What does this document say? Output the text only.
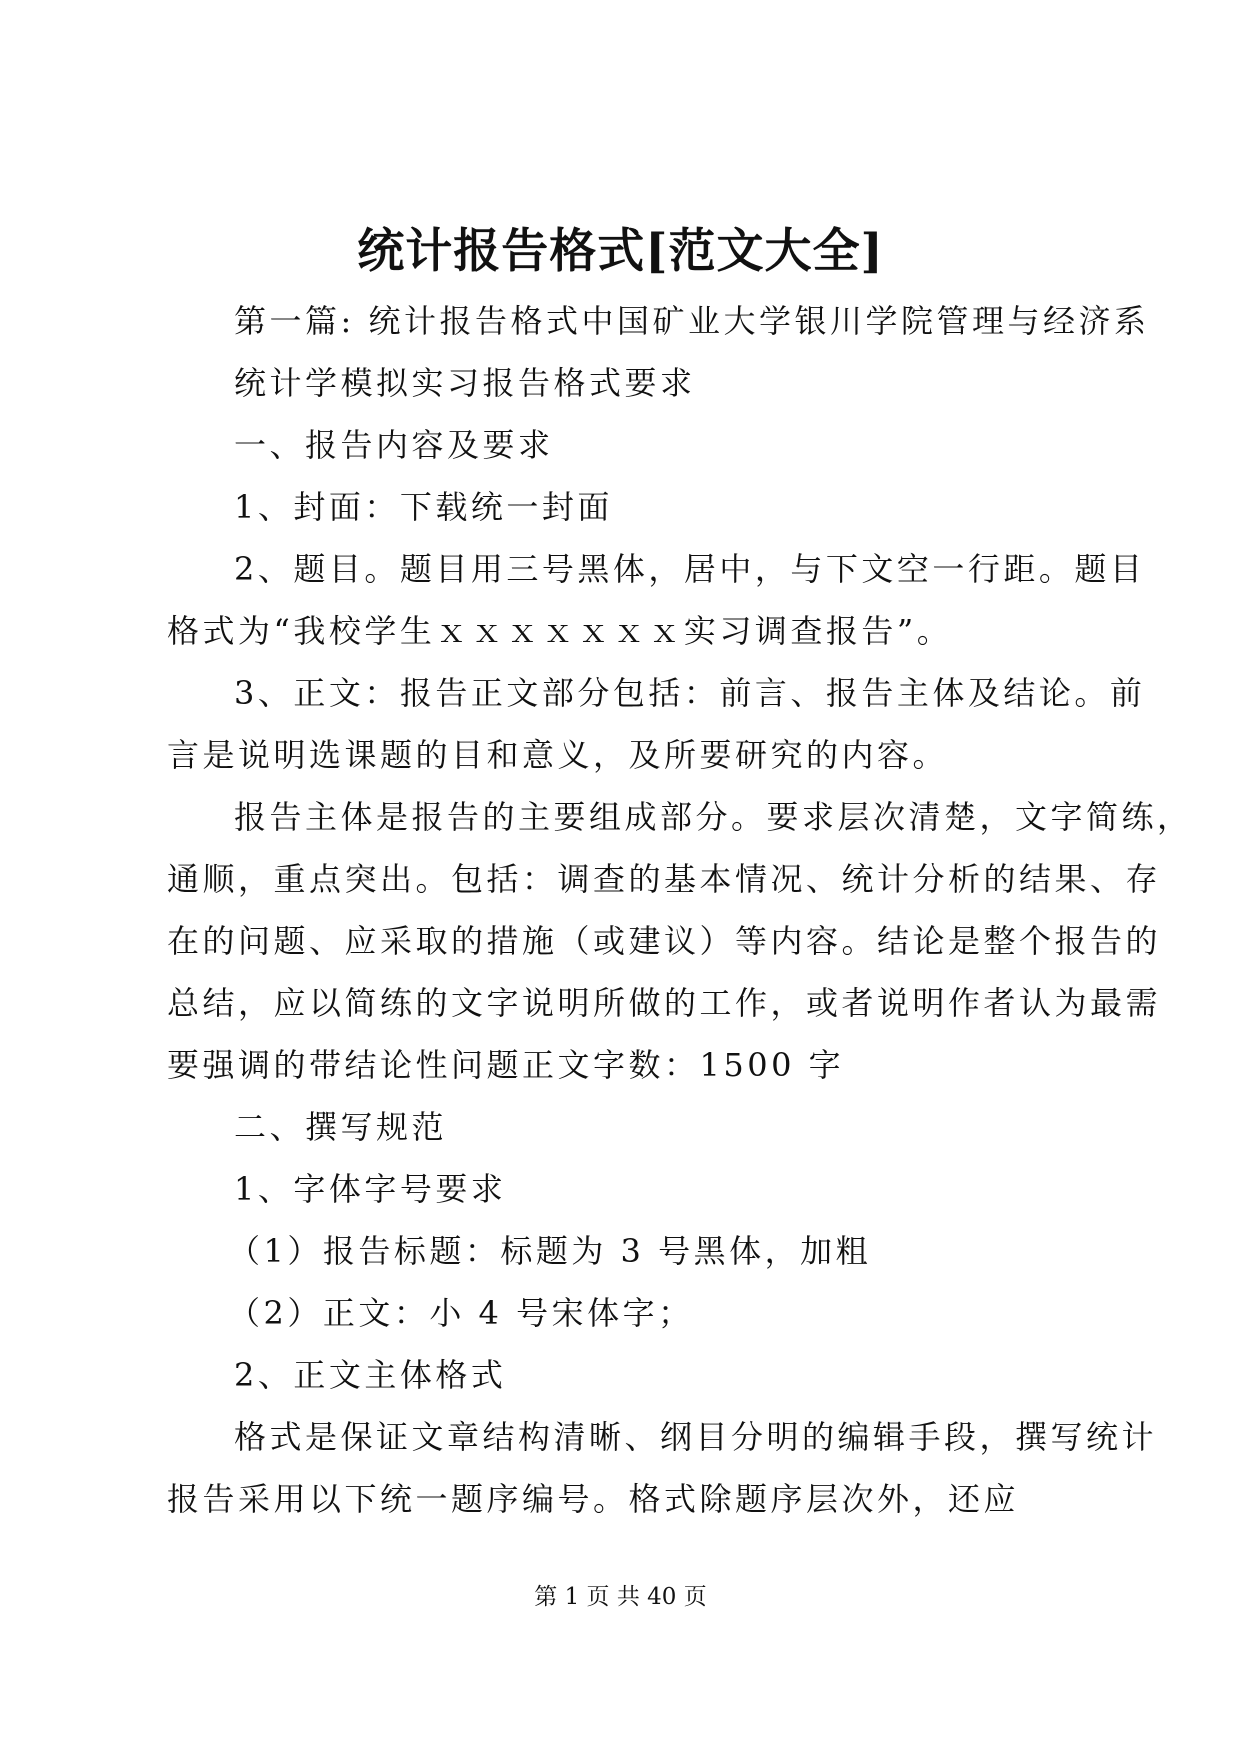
统计报告格式[范文大全]
第一篇: 统计报告格式中国矿业大学银川学院管理与经济系
统计学模拟实习报告格式要求
一、报告内容及要求
1、封面：下载统一封面
2、题目。题目用三号黑体，居中，与下文空一行距。题目
格式为“我校学生ｘｘｘｘｘｘｘ实习调查报告”。
3、正文：报告正文部分包括：前言、报告主体及结论。前
言是说明选课题的目和意义，及所要研究的内容。
报告主体是报告的主要组成部分。要求层次清楚，文字简练，
通顺，重点突出。包括：调查的基本情况、统计分析的结果、存
在的问题、应采取的措施（或建议）等内容。结论是整个报告的
总结，应以简练的文字说明所做的工作，或者说明作者认为最需
要强调的带结论性问题正文字数：1500 字
二、撰写规范
1、字体字号要求
（1）报告标题：标题为 3 号黑体，加粗
（2）正文：小 4 号宋体字；
2、正文主体格式
格式是保证文章结构清晰、纲目分明的编辑手段，撰写统计
报告采用以下统一题序编号。格式除题序层次外，还应
第 1 页 共 40 页
